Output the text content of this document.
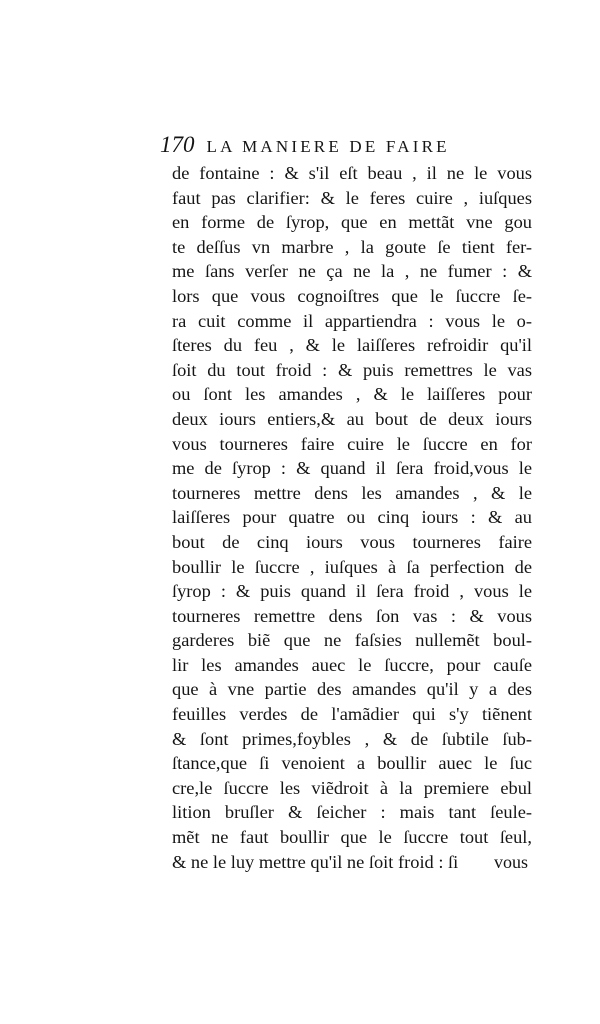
170 LA MANIERE DE FAIRE
de fontaine : & s'il eſt beau , il ne le vous
faut pas clarifier: & le feres cuire , iuſques
en forme de ſyrop, que en mettãt vne gou
te deſſus vn marbre , la goute ſe tient fer-
me ſans verſer ne ça ne la , ne fumer : &
lors que vous cognoiſtres que le ſuccre ſe-
ra cuit comme il appartiendra : vous le o-
ſteres du feu , & le laiſſeres refroidir qu'il
ſoit du tout froid : & puis remettres le vas
ou ſont les amandes , & le laiſſeres pour
deux iours entiers,& au bout de deux iours
vous tourneres faire cuire le ſuccre en for
me de ſyrop : & quand il ſera froid,vous le
tourneres mettre dens les amandes , & le
laiſſeres pour quatre ou cinq iours : & au
bout de cinq iours vous tourneres faire
boullir le ſuccre , iuſques à ſa perfection de
ſyrop : & puis quand il ſera froid , vous le
tourneres remettre dens ſon vas : & vous
garderes biẽ que ne faſsies nullemẽt boul-
lir les amandes auec le ſuccre, pour cauſe
que à vne partie des amandes qu'il y a des
feuilles verdes de l'amãdier qui s'y tiẽnent
& ſont primes,foybles , & de ſubtile ſub-
ſtance,que ſi venoient a boullir auec le ſuc
cre,le ſuccre les viẽdroit à la premiere ebul
lition bruſler & ſeicher : mais tant ſeule-
mẽt ne faut boullir que le ſuccre tout ſeul,
& ne le luy mettre qu'il ne ſoit froid : ſi	vous
